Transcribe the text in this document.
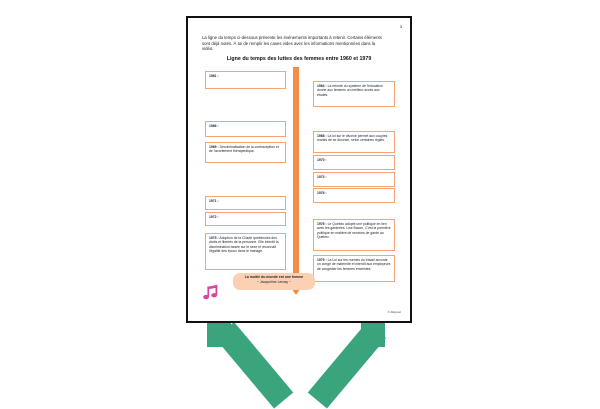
3
La ligne du temps ci-dessous présente les événements importants à retenir. Certains éléments sont déjà notés. À toi de remplir les cases vides avec les informations mentionnées dans la vidéo.
Ligne du temps des luttes des femmes entre 1960 et 1979
1961 :
1966 :
1969 : Décriminalisation de la contraception et de l'avortement thérapeutique.
1971 :
1972 :
1975 : Adoption de la Charte québécoise des droits et libertés de la personne. Elle interdit la discrimination basée sur le sexe et reconnaît l'égalité des époux dans le mariage.
1964 : La refonte du système de l'éducation donne aux femmes un meilleur accès aux études.
1968 : La loi sur le divorce permet aux couples mariés de se divorcer, selon certaines règles.
1970 :
1973 :
1976 :
1976 : Le Québec adopte une politique en lien avec les garderies. Lise Bacon, C'est la première politique en matière de services de garde au Québec.
1979 : La Loi sur les normes du travail accorde un congé de maternité et interdit aux employeurs de congédier les femmes enceintes.
La moitié du monde est une femme
~ Jacqueline Lemay ~
© Allopcet
